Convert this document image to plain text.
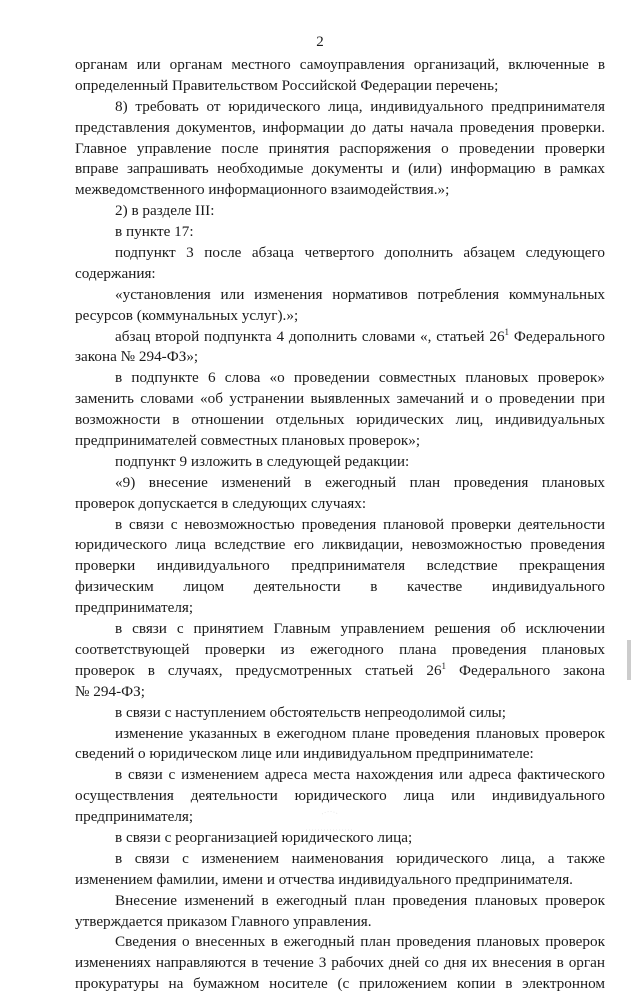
2
органам или органам местного самоуправления организаций, включенные в
определенный Правительством Российской Федерации перечень;
8) требовать от юридического лица, индивидуального предпринимателя
представления документов, информации до даты начала проведения проверки.
Главное управление после принятия распоряжения о проведении проверки
вправе запрашивать необходимые документы и (или) информацию в рамках
межведомственного информационного взаимодействия.»;
2) в разделе III:
в пункте 17:
подпункт 3 после абзаца четвертого дополнить абзацем следующего
содержания:
«установления или изменения нормативов потребления коммунальных
ресурсов (коммунальных услуг).»;
абзац второй подпункта 4 дополнить словами «, статьей $26^1$ Федерального
закона № 294-ФЗ»;
в подпункте 6 слова «о проведении совместных плановых проверок»
заменить словами «об устранении выявленных замечаний и о проведении при
возможности в отношении отдельных юридических лиц, индивидуальных
предпринимателей совместных плановых проверок»;
подпункт 9 изложить в следующей редакции:
«9) внесение изменений в ежегодный план проведения плановых
проверок допускается в следующих случаях:
в связи с невозможностью проведения плановой проверки деятельности
юридического лица вследствие его ликвидации, невозможностью проведения
проверки индивидуального предпринимателя вследствие прекращения
физическим лицом деятельности в качестве индивидуального
предпринимателя;
в связи с принятием Главным управлением решения об исключении
соответствующей проверки из ежегодного плана проведения плановых
проверок в случаях, предусмотренных статьей $26^1$ Федерального закона
№ 294-ФЗ;
в связи с наступлением обстоятельств непреодолимой силы;
изменение указанных в ежегодном плане проведения плановых проверок
сведений о юридическом лице или индивидуальном предпринимателе:
в связи с изменением адреса места нахождения или адреса фактического
осуществления деятельности юридического лица или индивидуального
предпринимателя;
в связи с реорганизацией юридического лица;
в связи с изменением наименования юридического лица, а также
изменением фамилии, имени и отчества индивидуального предпринимателя.
Внесение изменений в ежегодный план проведения плановых проверок
утверждается приказом Главного управления.
Сведения о внесенных в ежегодный план проведения плановых проверок
изменениях направляются в течение 3 рабочих дней со дня их внесения в орган
прокуратуры на бумажном носителе (с приложением копии в электронном
